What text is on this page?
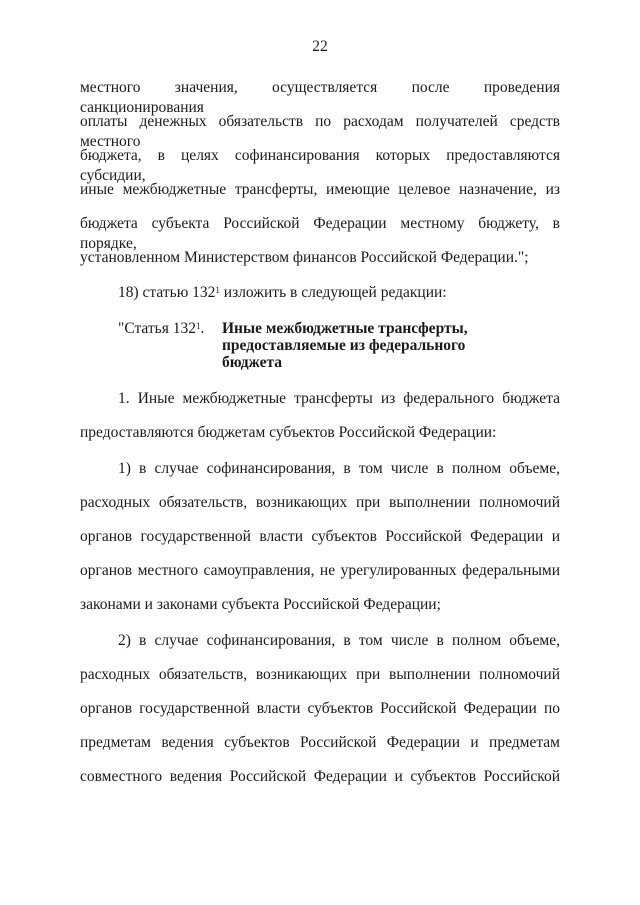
22
местного значения, осуществляется после проведения санкционирования
оплаты денежных обязательств по расходам получателей средств местного
бюджета, в целях софинансирования которых предоставляются субсидии,
иные межбюджетные трансферты, имеющие целевое назначение, из
бюджета субъекта Российской Федерации местному бюджету, в порядке,
установленном Министерством финансов Российской Федерации.";
18) статью $132^1$ изложить в следующей редакции:
"Статья $132^1$. Иные межбюджетные трансферты,
предоставляемые из федерального
бюджета
1. Иные межбюджетные трансферты из федерального бюджета
предоставляются бюджетам субъектов Российской Федерации:
1) в случае софинансирования, в том числе в полном объеме,
расходных обязательств, возникающих при выполнении полномочий
органов государственной власти субъектов Российской Федерации и
органов местного самоуправления, не урегулированных федеральными
законами и законами субъекта Российской Федерации;
2) в случае софинансирования, в том числе в полном объеме,
расходных обязательств, возникающих при выполнении полномочий
органов государственной власти субъектов Российской Федерации по
предметам ведения субъектов Российской Федерации и предметам
совместного ведения Российской Федерации и субъектов Российской
